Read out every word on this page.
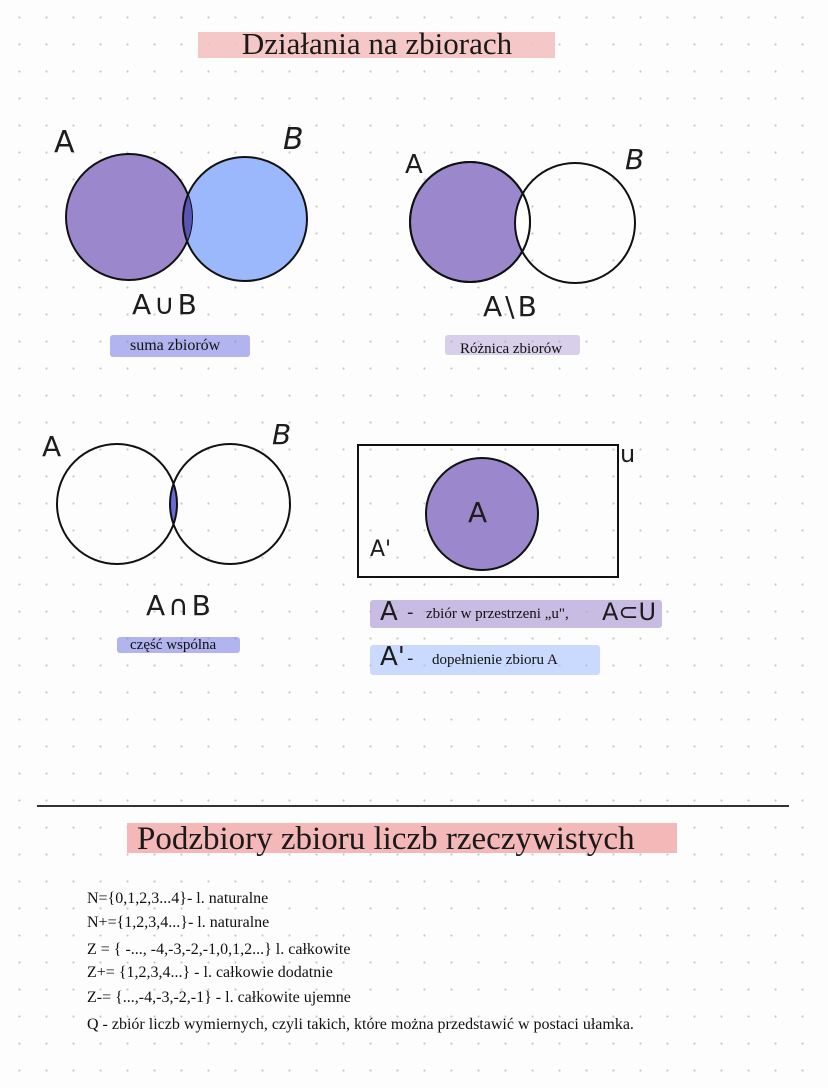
Działania na zbiorach
A	B
A∪B
suma zbiorów
A	B
A\B
Różnica zbiorów
A	B
A∩B
część wspólna
u
A
A'
A - zbiór w przestrzeni „u", A⊂U
A' - dopełnienie zbioru A
Podzbiory zbioru liczb rzeczywistych
N={0,1,2,3...4}- l. naturalne
N+={1,2,3,4...}- l. naturalne
Z = { -..., -4,-3,-2,-1,0,1,2...} l. całkowite
Z+= {1,2,3,4...} - l. całkowie dodatnie
Z-= {...,-4,-3,-2,-1} - l. całkowite ujemne
Q - zbiór liczb wymiernych, czyli takich, które można przedstawić w postaci ułamka.
